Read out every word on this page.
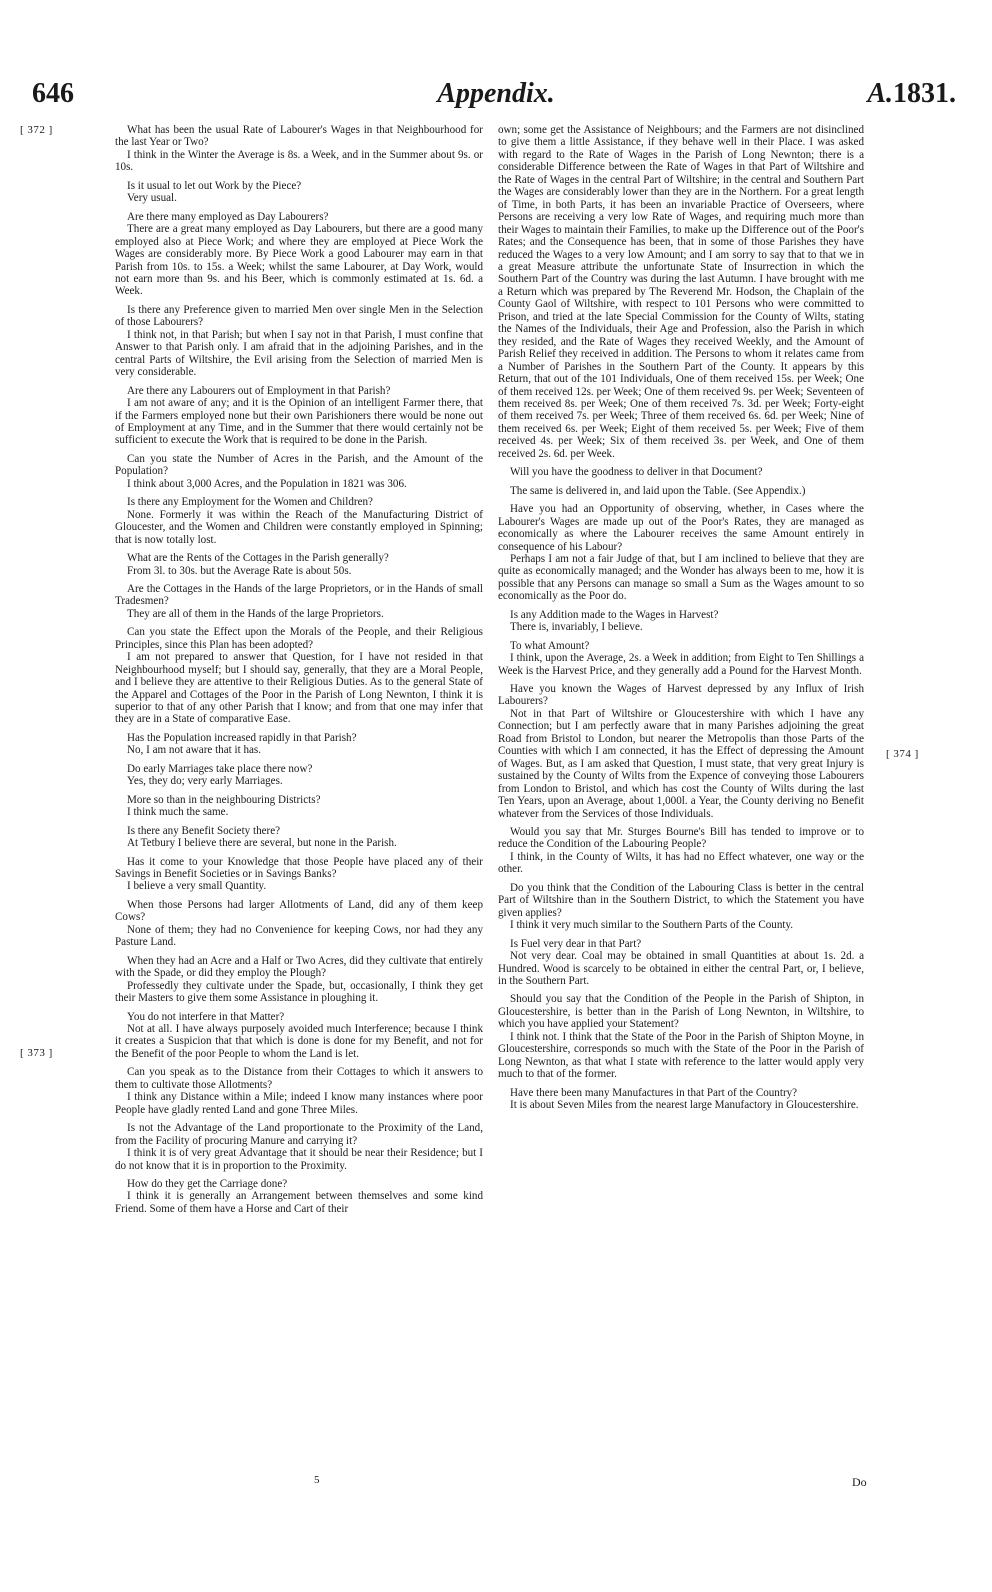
646	Appendix.	A.1831.
[ 372 ]
[ 373 ]
[ 374 ]

What has been the usual Rate of Labourer's Wages in that Neighbourhood for the last Year or Two?

I think in the Winter the Average is 8s. a Week, and in the Summer about 9s. or 10s.

Is it usual to let out Work by the Piece?

Very usual.

Are there many employed as Day Labourers?

There are a great many employed as Day Labourers, but there are a good many employed also at Piece Work; and where they are employed at Piece Work the Wages are considerably more. By Piece Work a good Labourer may earn in that Parish from 10s. to 15s. a Week; whilst the same Labourer, at Day Work, would not earn more than 9s. and his Beer, which is commonly estimated at 1s. 6d. a Week.

Is there any Preference given to married Men over single Men in the Selection of those Labourers?

I think not, in that Parish; but when I say not in that Parish, I must confine that Answer to that Parish only. I am afraid that in the adjoining Parishes, and in the central Parts of Wiltshire, the Evil arising from the Selection of married Men is very considerable.

Are there any Labourers out of Employment in that Parish?

I am not aware of any; and it is the Opinion of an intelligent Farmer there, that if the Farmers employed none but their own Parishioners there would be none out of Employment at any Time, and in the Summer that there would certainly not be sufficient to execute the Work that is required to be done in the Parish.

Can you state the Number of Acres in the Parish, and the Amount of the Population?

I think about 3,000 Acres, and the Population in 1821 was 306.

Is there any Employment for the Women and Children?

None. Formerly it was within the Reach of the Manufacturing District of Gloucester, and the Women and Children were constantly employed in Spinning; that is now totally lost.

What are the Rents of the Cottages in the Parish generally?

From 3l. to 30s. but the Average Rate is about 50s.

Are the Cottages in the Hands of the large Proprietors, or in the Hands of small Tradesmen?

They are all of them in the Hands of the large Proprietors.

Can you state the Effect upon the Morals of the People, and their Religious Principles, since this Plan has been adopted?

I am not prepared to answer that Question, for I have not resided in that Neighbourhood myself; but I should say, generally, that they are a Moral People, and I believe they are attentive to their Religious Duties. As to the general State of the Apparel and Cottages of the Poor in the Parish of Long Newnton, I think it is superior to that of any other Parish that I know; and from that one may infer that they are in a State of comparative Ease.

Has the Population increased rapidly in that Parish?

No, I am not aware that it has.

Do early Marriages take place there now?

Yes, they do; very early Marriages.

More so than in the neighbouring Districts?

I think much the same.

Is there any Benefit Society there?

At Tetbury I believe there are several, but none in the Parish.

Has it come to your Knowledge that those People have placed any of their Savings in Benefit Societies or in Savings Banks?

I believe a very small Quantity.

When those Persons had larger Allotments of Land, did any of them keep Cows?

None of them; they had no Convenience for keeping Cows, nor had they any Pasture Land.

When they had an Acre and a Half or Two Acres, did they cultivate that entirely with the Spade, or did they employ the Plough?

Professedly they cultivate under the Spade, but, occasionally, I think they get their Masters to give them some Assistance in ploughing it.

You do not interfere in that Matter?

Not at all. I have always purposely avoided much Interference; because I think it creates a Suspicion that that which is done is done for my Benefit, and not for the Benefit of the poor People to whom the Land is let.

Can you speak as to the Distance from their Cottages to which it answers to them to cultivate those Allotments?

I think any Distance within a Mile; indeed I know many instances where poor People have gladly rented Land and gone Three Miles.

Is not the Advantage of the Land proportionate to the Proximity of the Land, from the Facility of procuring Manure and carrying it?

I think it is of very great Advantage that it should be near their Residence; but I do not know that it is in proportion to the Proximity.

How do they get the Carriage done?

I think it is generally an Arrangement between themselves and some kind Friend. Some of them have a Horse and Cart of their

own; some get the Assistance of Neighbours; and the Farmers are not disinclined to give them a little Assistance, if they behave well in their Place. I was asked with regard to the Rate of Wages in the Parish of Long Newnton; there is a considerable Difference between the Rate of Wages in that Part of Wiltshire and the Rate of Wages in the central Part of Wiltshire; in the central and Southern Part the Wages are considerably lower than they are in the Northern. For a great length of Time, in both Parts, it has been an invariable Practice of Overseers, where Persons are receiving a very low Rate of Wages, and requiring much more than their Wages to maintain their Families, to make up the Difference out of the Poor's Rates; and the Consequence has been, that in some of those Parishes they have reduced the Wages to a very low Amount; and I am sorry to say that to that we in a great Measure attribute the unfortunate State of Insurrection in which the Southern Part of the Country was during the last Autumn. I have brought with me a Return which was prepared by The Reverend Mr. Hodson, the Chaplain of the County Gaol of Wiltshire, with respect to 101 Persons who were committed to Prison, and tried at the late Special Commission for the County of Wilts, stating the Names of the Individuals, their Age and Profession, also the Parish in which they resided, and the Rate of Wages they received Weekly, and the Amount of Parish Relief they received in addition. The Persons to whom it relates came from a Number of Parishes in the Southern Part of the County. It appears by this Return, that out of the 101 Individuals, One of them received 15s. per Week; One of them received 12s. per Week; One of them received 9s. per Week; Seventeen of them received 8s. per Week; One of them received 7s. 3d. per Week; Forty-eight of them received 7s. per Week; Three of them received 6s. 6d. per Week; Nine of them received 6s. per Week; Eight of them received 5s. per Week; Five of them received 4s. per Week; Six of them received 3s. per Week, and One of them received 2s. 6d. per Week.

Will you have the goodness to deliver in that Document?

The same is delivered in, and laid upon the Table. (See Appendix.)

Have you had an Opportunity of observing, whether, in Cases where the Labourer's Wages are made up out of the Poor's Rates, they are managed as economically as where the Labourer receives the same Amount entirely in consequence of his Labour?

Perhaps I am not a fair Judge of that, but I am inclined to believe that they are quite as economically managed; and the Wonder has always been to me, how it is possible that any Persons can manage so small a Sum as the Wages amount to so economically as the Poor do.

Is any Addition made to the Wages in Harvest?

There is, invariably, I believe.

To what Amount?

I think, upon the Average, 2s. a Week in addition; from Eight to Ten Shillings a Week is the Harvest Price, and they generally add a Pound for the Harvest Month.

Have you known the Wages of Harvest depressed by any Influx of Irish Labourers?

Not in that Part of Wiltshire or Gloucestershire with which I have any Connection; but I am perfectly aware that in many Parishes adjoining the great Road from Bristol to London, but nearer the Metropolis than those Parts of the Counties with which I am connected, it has the Effect of depressing the Amount of Wages. But, as I am asked that Question, I must state, that very great Injury is sustained by the County of Wilts from the Expence of conveying those Labourers from London to Bristol, and which has cost the County of Wilts during the last Ten Years, upon an Average, about 1,000l. a Year, the County deriving no Benefit whatever from the Services of those Individuals.

Would you say that Mr. Sturges Bourne's Bill has tended to improve or to reduce the Condition of the Labouring People?

I think, in the County of Wilts, it has had no Effect whatever, one way or the other.

Do you think that the Condition of the Labouring Class is better in the central Part of Wiltshire than in the Southern District, to which the Statement you have given applies?

I think it very much similar to the Southern Parts of the County.

Is Fuel very dear in that Part?

Not very dear. Coal may be obtained in small Quantities at about 1s. 2d. a Hundred. Wood is scarcely to be obtained in either the central Part, or, I believe, in the Southern Part.

Should you say that the Condition of the People in the Parish of Shipton, in Gloucestershire, is better than in the Parish of Long Newnton, in Wiltshire, to which you have applied your Statement?

I think not. I think that the State of the Poor in the Parish of Shipton Moyne, in Gloucestershire, corresponds so much with the State of the Poor in the Parish of Long Newnton, as that what I state with reference to the latter would apply very much to that of the former.

Have there been many Manufactures in that Part of the Country?

It is about Seven Miles from the nearest large Manufactory in Gloucestershire.

5	Do
